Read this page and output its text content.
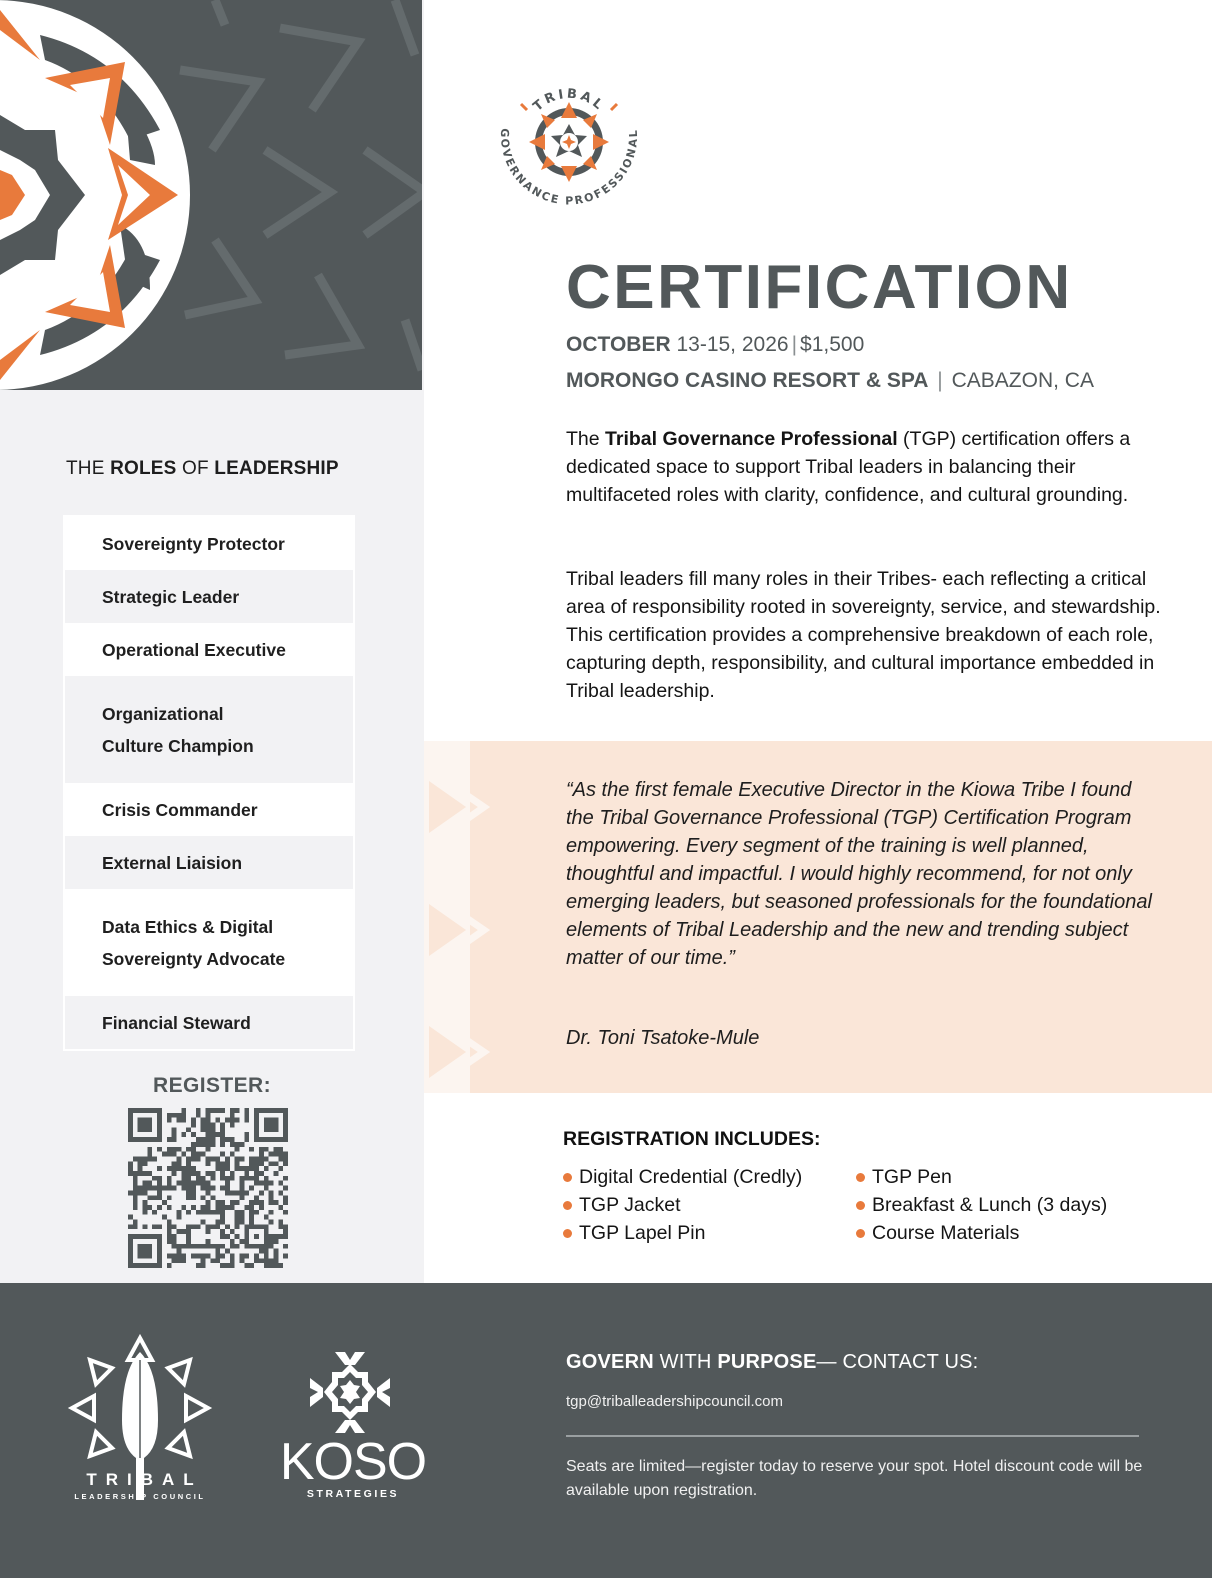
THE ROLES OF LEADERSHIP
Sovereignty Protector
Strategic Leader
Operational Executive
Organizational
Culture Champion
Crisis Commander
External Liaision
Data Ethics & Digital
Sovereignty Advocate
Financial Steward
REGISTER:
TRIBAL
GOVERNANCE PROFESSIONAL
CERTIFICATION
OCTOBER 13-15, 2026 | $1,500
MORONGO CASINO RESORT & SPA | CABAZON, CA

The Tribal Governance Professional (TGP) certification offers a dedicated space to support Tribal leaders in balancing their multifaceted roles with clarity, confidence, and cultural grounding.

Tribal leaders fill many roles in their Tribes- each reflecting a critical area of responsibility rooted in sovereignty, service, and stewardship. This certification provides a comprehensive breakdown of each role, capturing depth, responsibility, and cultural importance embedded in Tribal leadership.

“As the first female Executive Director in the Kiowa Tribe I found the Tribal Governance Professional (TGP) Certification Program empowering. Every segment of the training is well planned, thoughtful and impactful. I would highly recommend, for not only emerging leaders, but seasoned professionals for the foundational elements of Tribal Leadership and the new and trending subject matter of our time.”

Dr. Toni Tsatoke-Mule
REGISTRATION INCLUDES:
Digital Credential (Credly)
TGP Jacket
TGP Lapel Pin
TGP Pen
Breakfast & Lunch (3 days)
Course Materials
TRIBAL
LEADERSHIP COUNCIL
KOSO
STRATEGIES
GOVERN WITH PURPOSE— CONTACT US:
tgp@triballeadershipcouncil.com

Seats are limited—register today to reserve your spot. Hotel discount code will be available upon registration.
